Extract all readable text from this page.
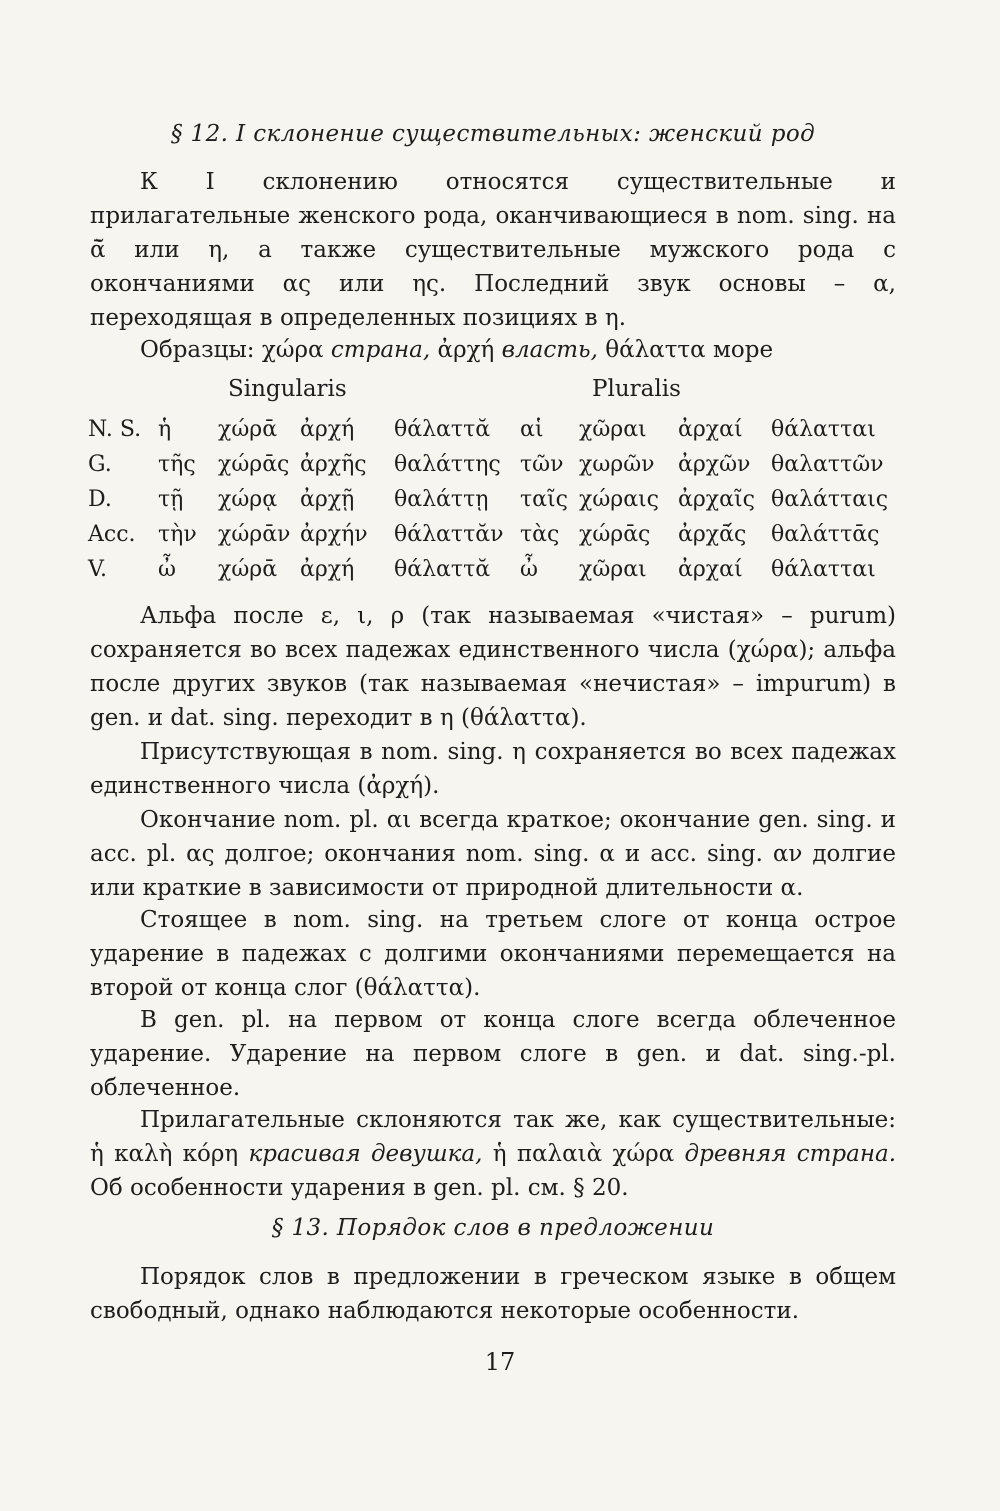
§ 12. I склонение существительных: женский род

К I склонению относятся существительные и прилагательные женского рода, оканчивающиеся в nom. sing. на ᾱ̆ или η, а также существительные мужского рода с окончаниями ας или ης. Последний звук основы – α, переходящая в определенных позициях в η.

Образцы: χώρα страна, ἀρχή власть, θάλαττα море

Singularis	Pluralis
N. S.	ἡ	χώρᾱ	ἀρχή	θάλαττᾰ	αἱ	χῶραι	ἀρχαί	θάλατται
G.	τῆς	χώρᾱς	ἀρχῆς	θαλάττης	τῶν	χωρῶν	ἀρχῶν	θαλαττῶν
D.	τῇ	χώρᾳ	ἀρχῇ	θαλάττῃ	ταῖς	χώραις	ἀρχαῖς	θαλάτταις
Acc.	τὴν	χώρᾱν	ἀρχήν	θάλαττᾰν	τὰς	χώρᾱς	ἀρχᾱ́ς	θαλάττᾱς
V.	ὦ	χώρᾱ	ἀρχή	θάλαττᾰ	ὦ	χῶραι	ἀρχαί	θάλατται

Альфа после ε, ι, ρ (так называемая «чистая» – purum) сохраняется во всех падежах единственного числа (χώρα); альфа после других звуков (так называемая «нечистая» – impurum) в gen. и dat. sing. переходит в η (θάλαττα).

Присутствующая в nom. sing. η сохраняется во всех падежах единственного числа (ἀρχή).

Окончание nom. pl. αι всегда краткое; окончание gen. sing. и acc. pl. ας долгое; окончания nom. sing. α и acc. sing. αν долгие или краткие в зависимости от природной длительности α.

Стоящее в nom. sing. на третьем слоге от конца острое ударение в падежах с долгими окончаниями перемещается на второй от конца слог (θάλαττα).

В gen. pl. на первом от конца слоге всегда облеченное ударение. Ударение на первом слоге в gen. и dat. sing.-pl. облеченное.

Прилагательные склоняются так же, как существительные: ἡ καλὴ κόρη красивая девушка, ἡ παλαιὰ χώρα древняя страна. Об особенности ударения в gen. pl. см. § 20.

§ 13. Порядок слов в предложении

Порядок слов в предложении в греческом языке в общем свободный, однако наблюдаются некоторые особенности.

17
